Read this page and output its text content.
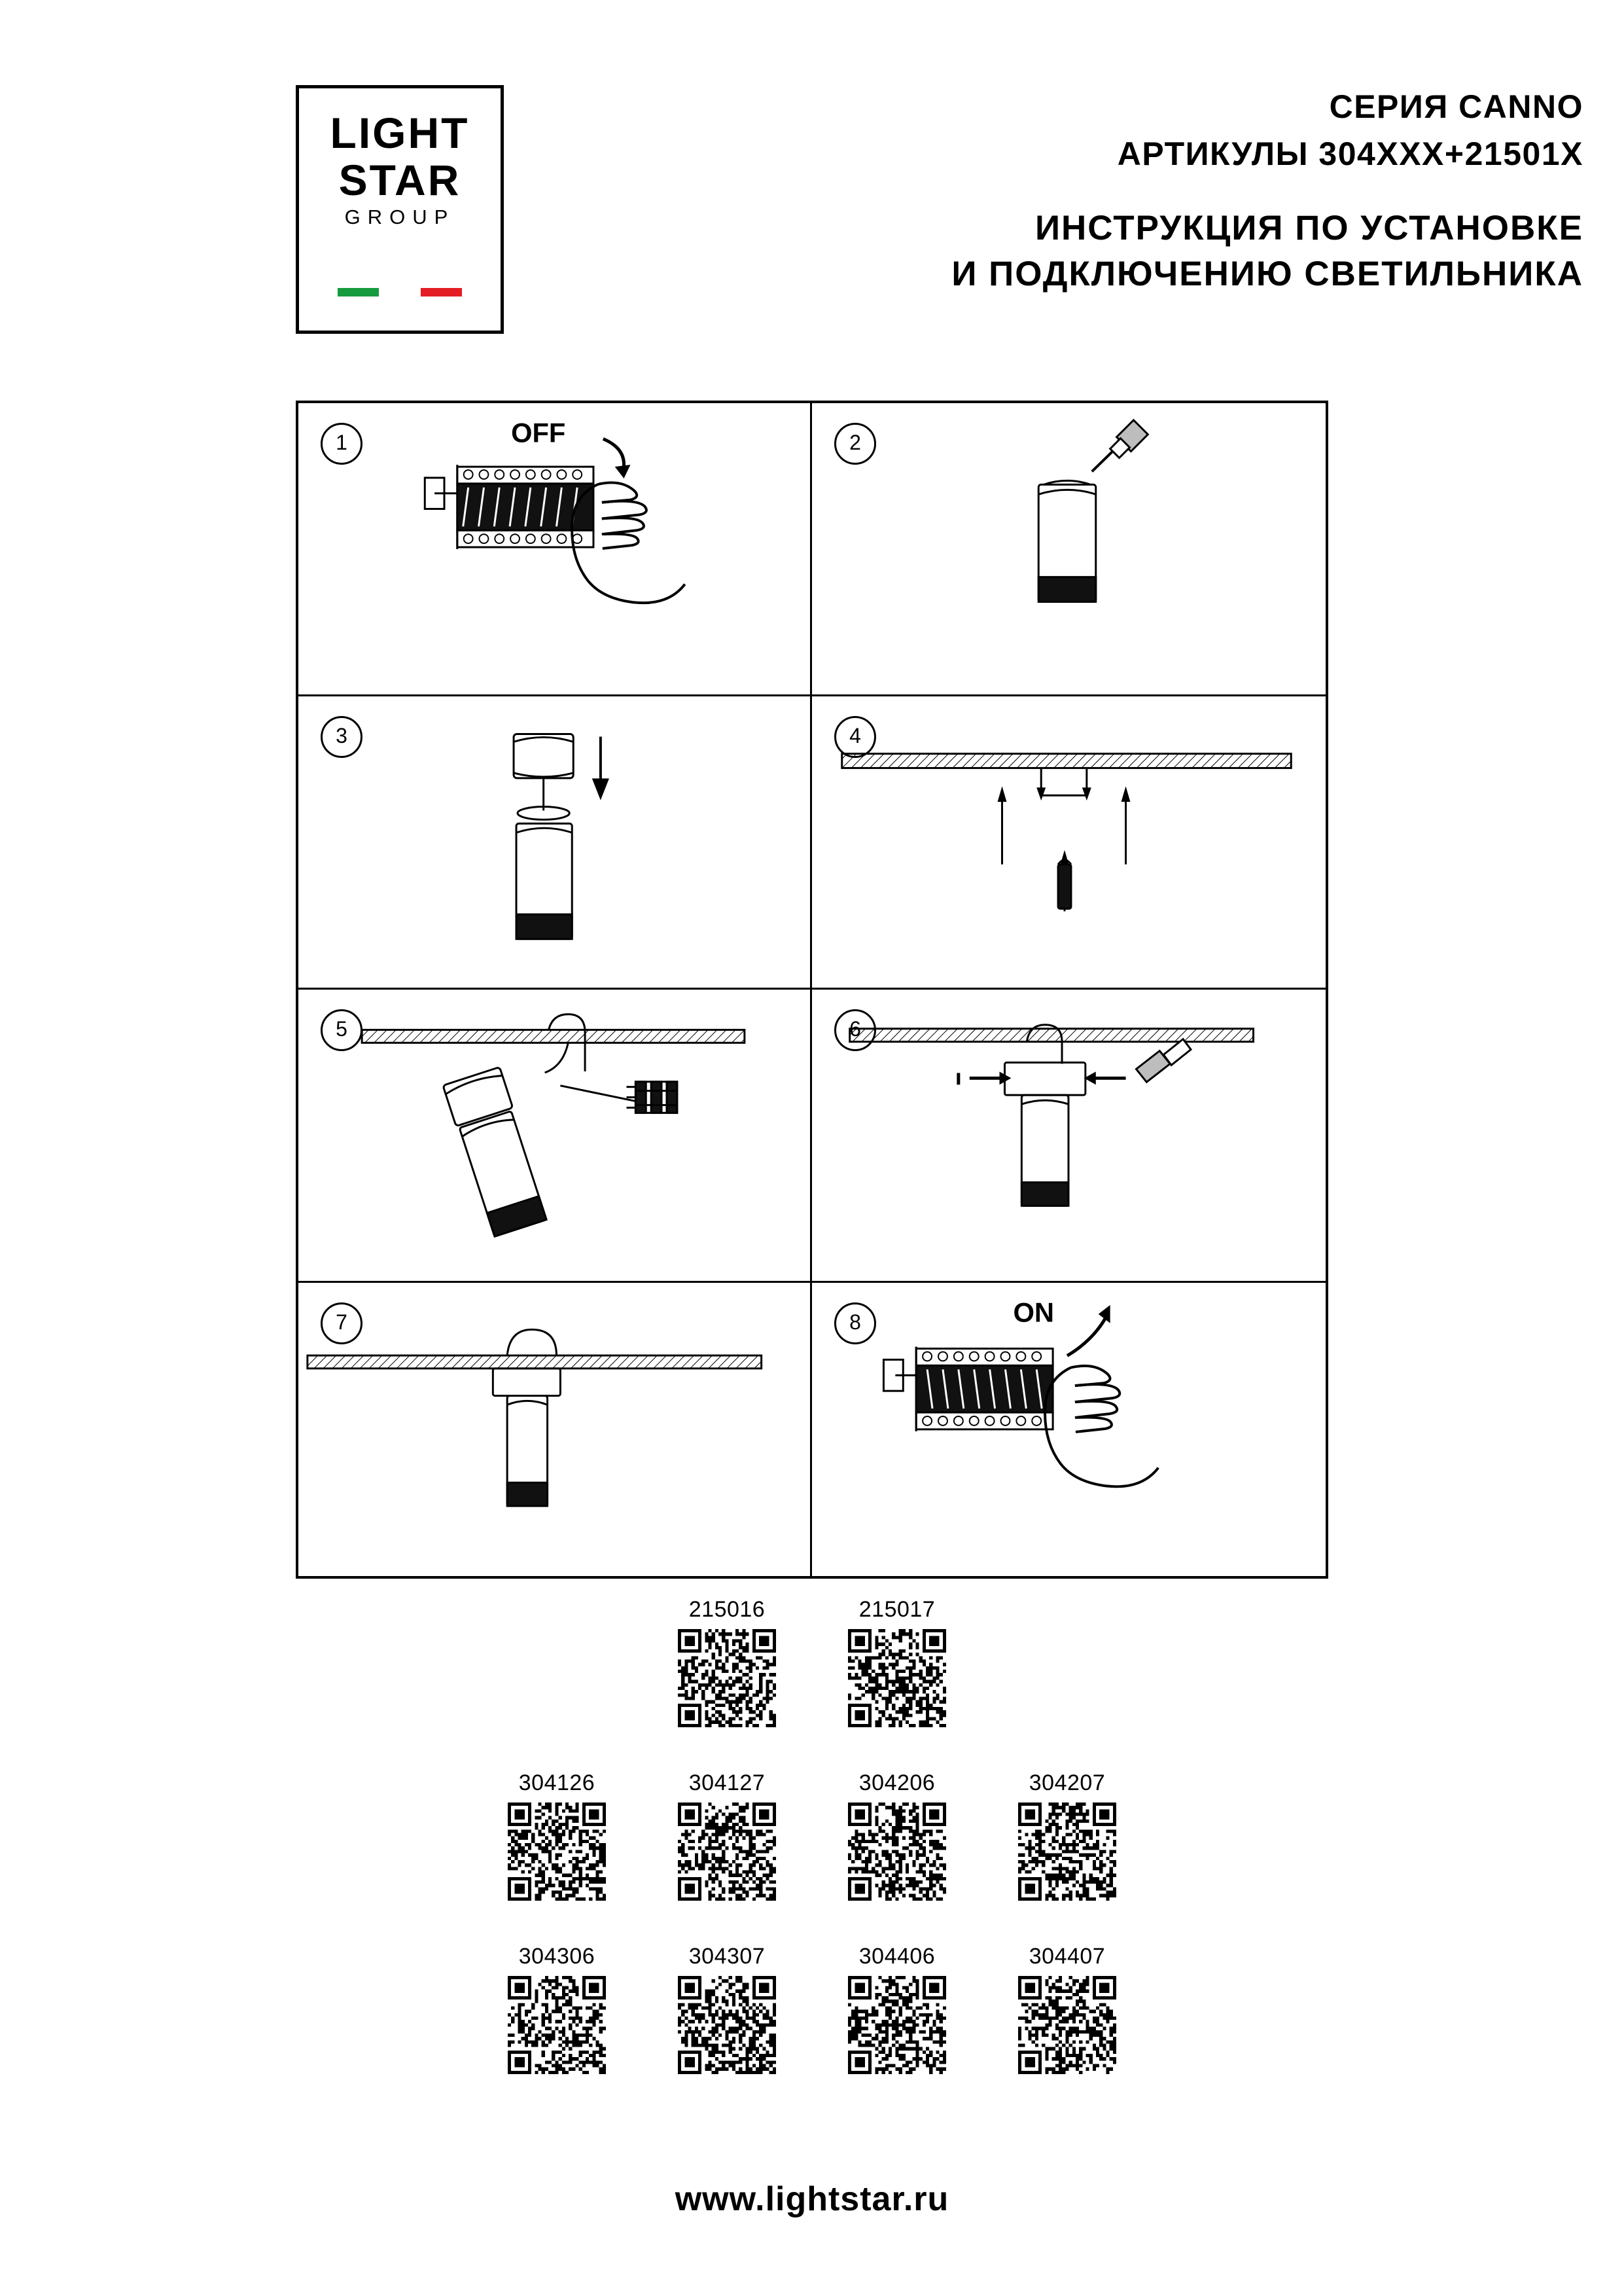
LIGHT
STAR
GROUP
СЕРИЯ CANNO
АРТИКУЛЫ 304XXX+21501X
ИНСТРУКЦИЯ ПО УСТАНОВКЕ
И ПОДКЛЮЧЕНИЮ СВЕТИЛЬНИКА
1	OFF	2
3	4
5
7	8	ON
215016	215017
304126	304127	304206	304207
304306	304307	304406	304407
www.lightstar.ru
